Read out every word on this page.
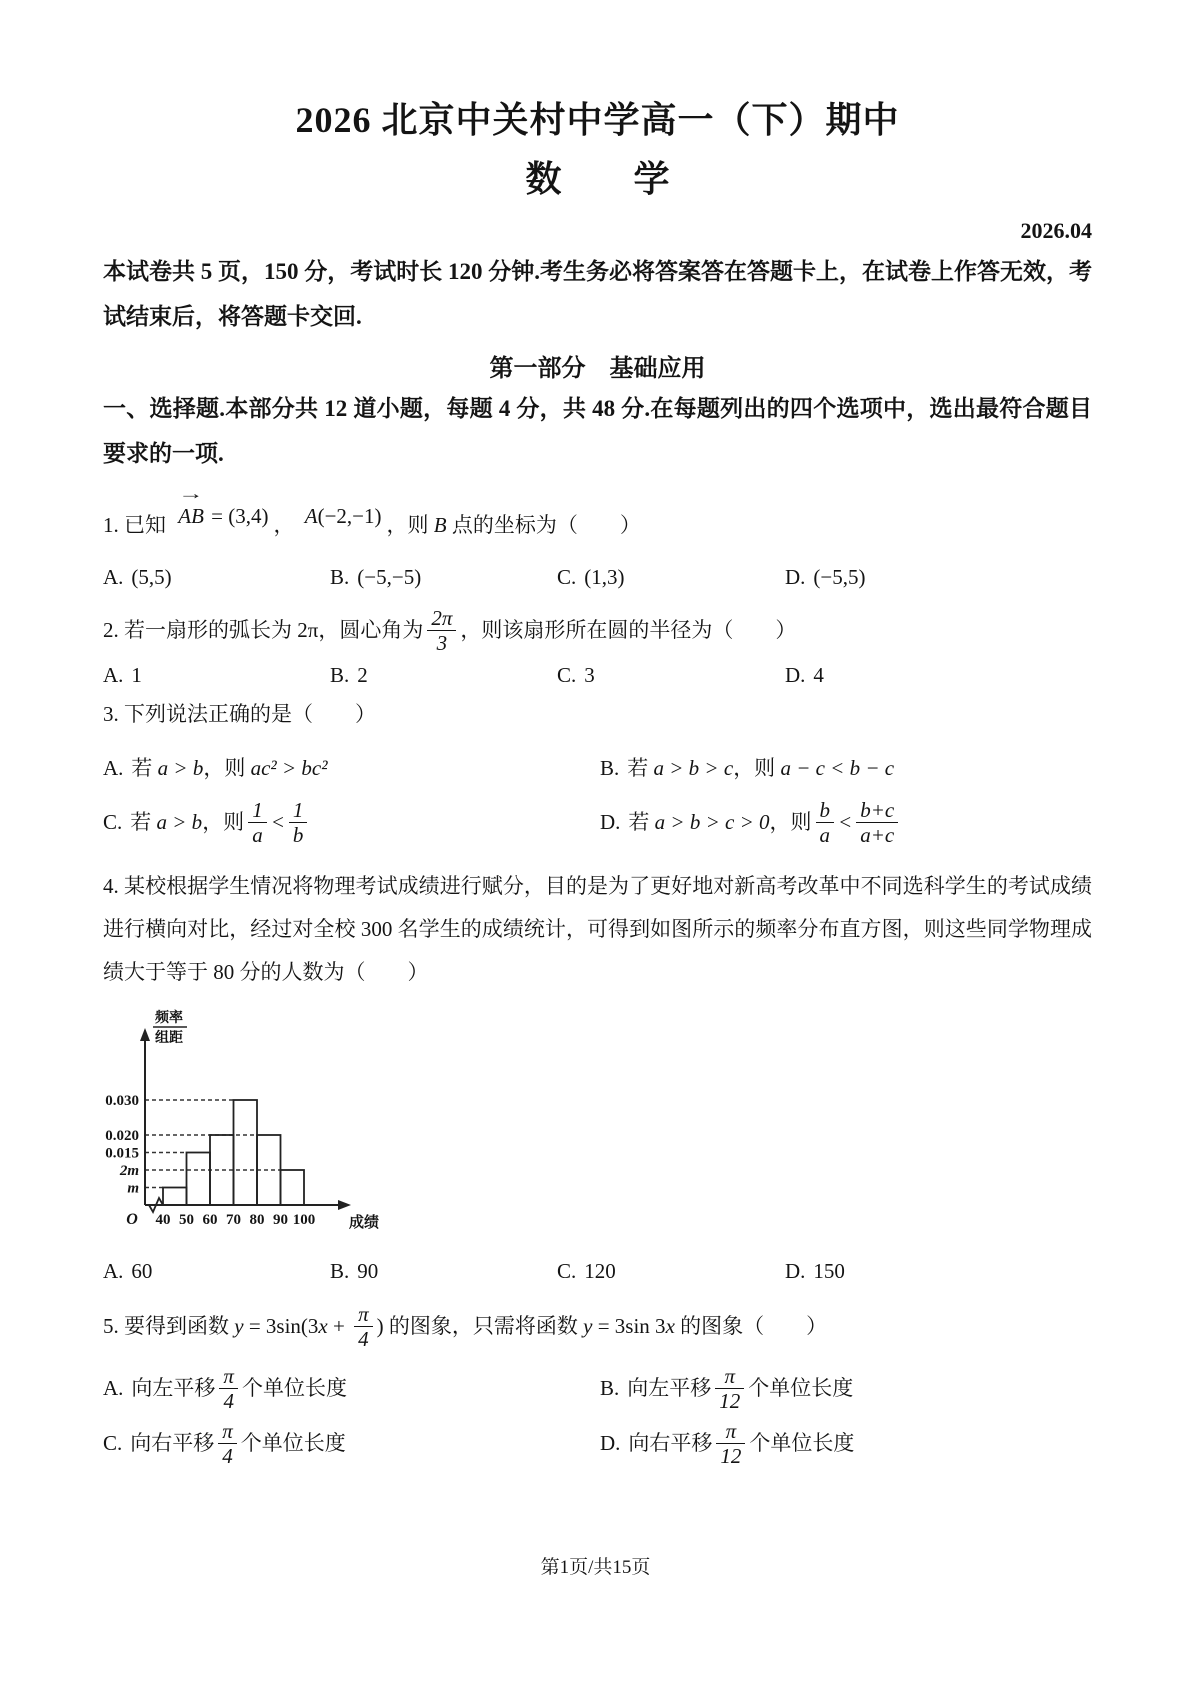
2026 北京中关村中学高一（下）期中
数　　学
2026.04
本试卷共 5 页，150 分，考试时长 120 分钟.考生务必将答案答在答题卡上，在试卷上作答无效，考试结束后，将答题卡交回.
第一部分　基础应用
一、选择题.本部分共 12 道小题，每题 4 分，共 48 分.在每题列出的四个选项中，选出最符合题目要求的一项.
1. 已知
→
AB = (3,4) ， A(−2,−1) ，则 B 点的坐标为（　　）
A. (5,5)	B. (−5,−5)	C. (1,3)	D. (−5,5)
2. 若一扇形的弧长为 2π，圆心角为 $\frac{2\pi}{3}$ ，则该扇形所在圆的半径为（　　）
A. 1	B. 2	C. 3	D. 4
3. 下列说法正确的是（　　）
A. 若 a > b，则 ac² > bc²	B. 若 a > b > c，则 a − c < b − c
C. 若 a > b，则 $\frac{1}{a} < \frac{1}{b}$	D. 若 a > b > c > 0，则 $\frac{b}{a} < \frac{b+c}{a+c}$
4. 某校根据学生情况将物理考试成绩进行赋分，目的是为了更好地对新高考改革中不同选科学生的考试成绩进行横向对比，经过对全校 300 名学生的成绩统计，可得到如图所示的频率分布直方图，则这些同学物理成绩大于等于 80 分的人数为（　　）
0.030
0.020
0.015
2m
m
40 50 60 70 80 90 100
O	成绩
频率
组距
A. 60	B. 90	C. 120	D. 150
5. 要得到函数 $y = 3\sin(3x + \frac{\pi}{4}$ ) 的图象，只需将函数 y = 3sin 3x 的图象（　　）
A. 向左平移 $\frac{\pi}{4}$ 个单位长度	B. 向左平移 $\frac{\pi}{12}$ 个单位长度
C. 向右平移 $\frac{\pi}{4}$ 个单位长度	D. 向右平移 $\frac{\pi}{12}$ 个单位长度
第1页/共15页
